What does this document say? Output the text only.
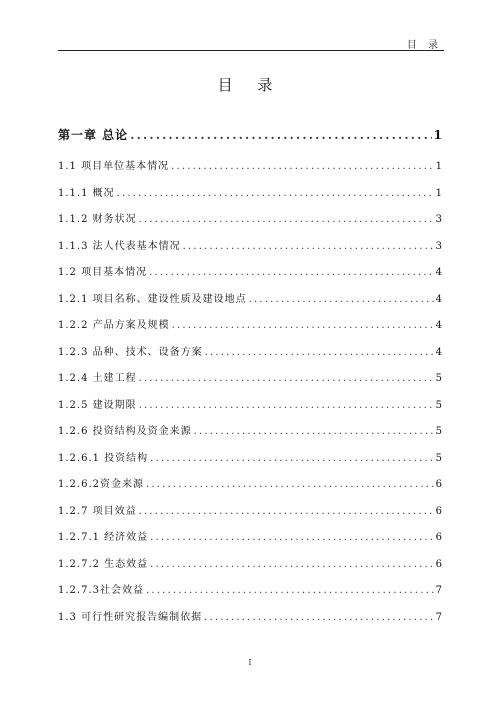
目 录
目 录
第一章 总论 .....	1
1.1 项目单位基本情况 .....	1
1.1.1 概况 .....	1
1.1.2 财务状况 .....	3
1.1.3 法人代表基本情况 .....	3
1.2 项目基本情况 .....	4
1.2.1 项目名称、建设性质及建设地点 .....	4
1.2.2 产品方案及规模 .....	4
1.2.3 品种、技术、设备方案 .....	4
1.2.4 土建工程 .....	5
1.2.5 建设期限 .....	5
1.2.6 投资结构及资金来源 .....	5
1.2.6.1 投资结构 .....	5
1.2.6.2资金来源 .....	6
1.2.7 项目效益 .....	6
1.2.7.1 经济效益 .....	6
1.2.7.2 生态效益 .....	6
1.2.7.3社会效益 .....	7
1.3 可行性研究报告编制依据 .....	7
I
